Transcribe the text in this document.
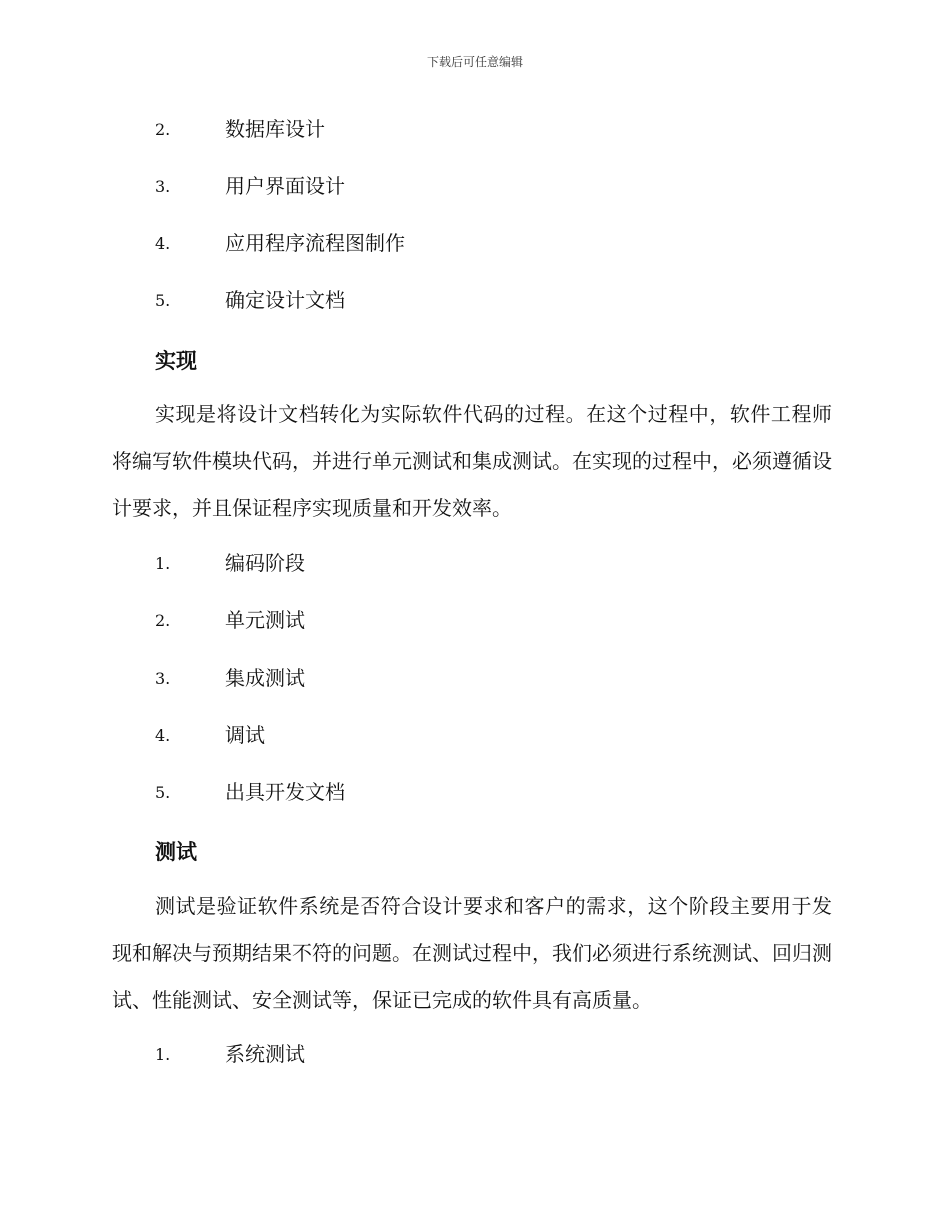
下载后可任意编辑
2.	数据库设计
3.	用户界面设计
4.	应用程序流程图制作
5.	确定设计文档
实现
实现是将设计文档转化为实际软件代码的过程。在这个过程中，软件工程师将编写软件模块代码，并进行单元测试和集成测试。在实现的过程中，必须遵循设计要求，并且保证程序实现质量和开发效率。
1.	编码阶段
2.	单元测试
3.	集成测试
4.	调试
5.	出具开发文档
测试
测试是验证软件系统是否符合设计要求和客户的需求，这个阶段主要用于发现和解决与预期结果不符的问题。在测试过程中，我们必须进行系统测试、回归测试、性能测试、安全测试等，保证已完成的软件具有高质量。
1.	系统测试
